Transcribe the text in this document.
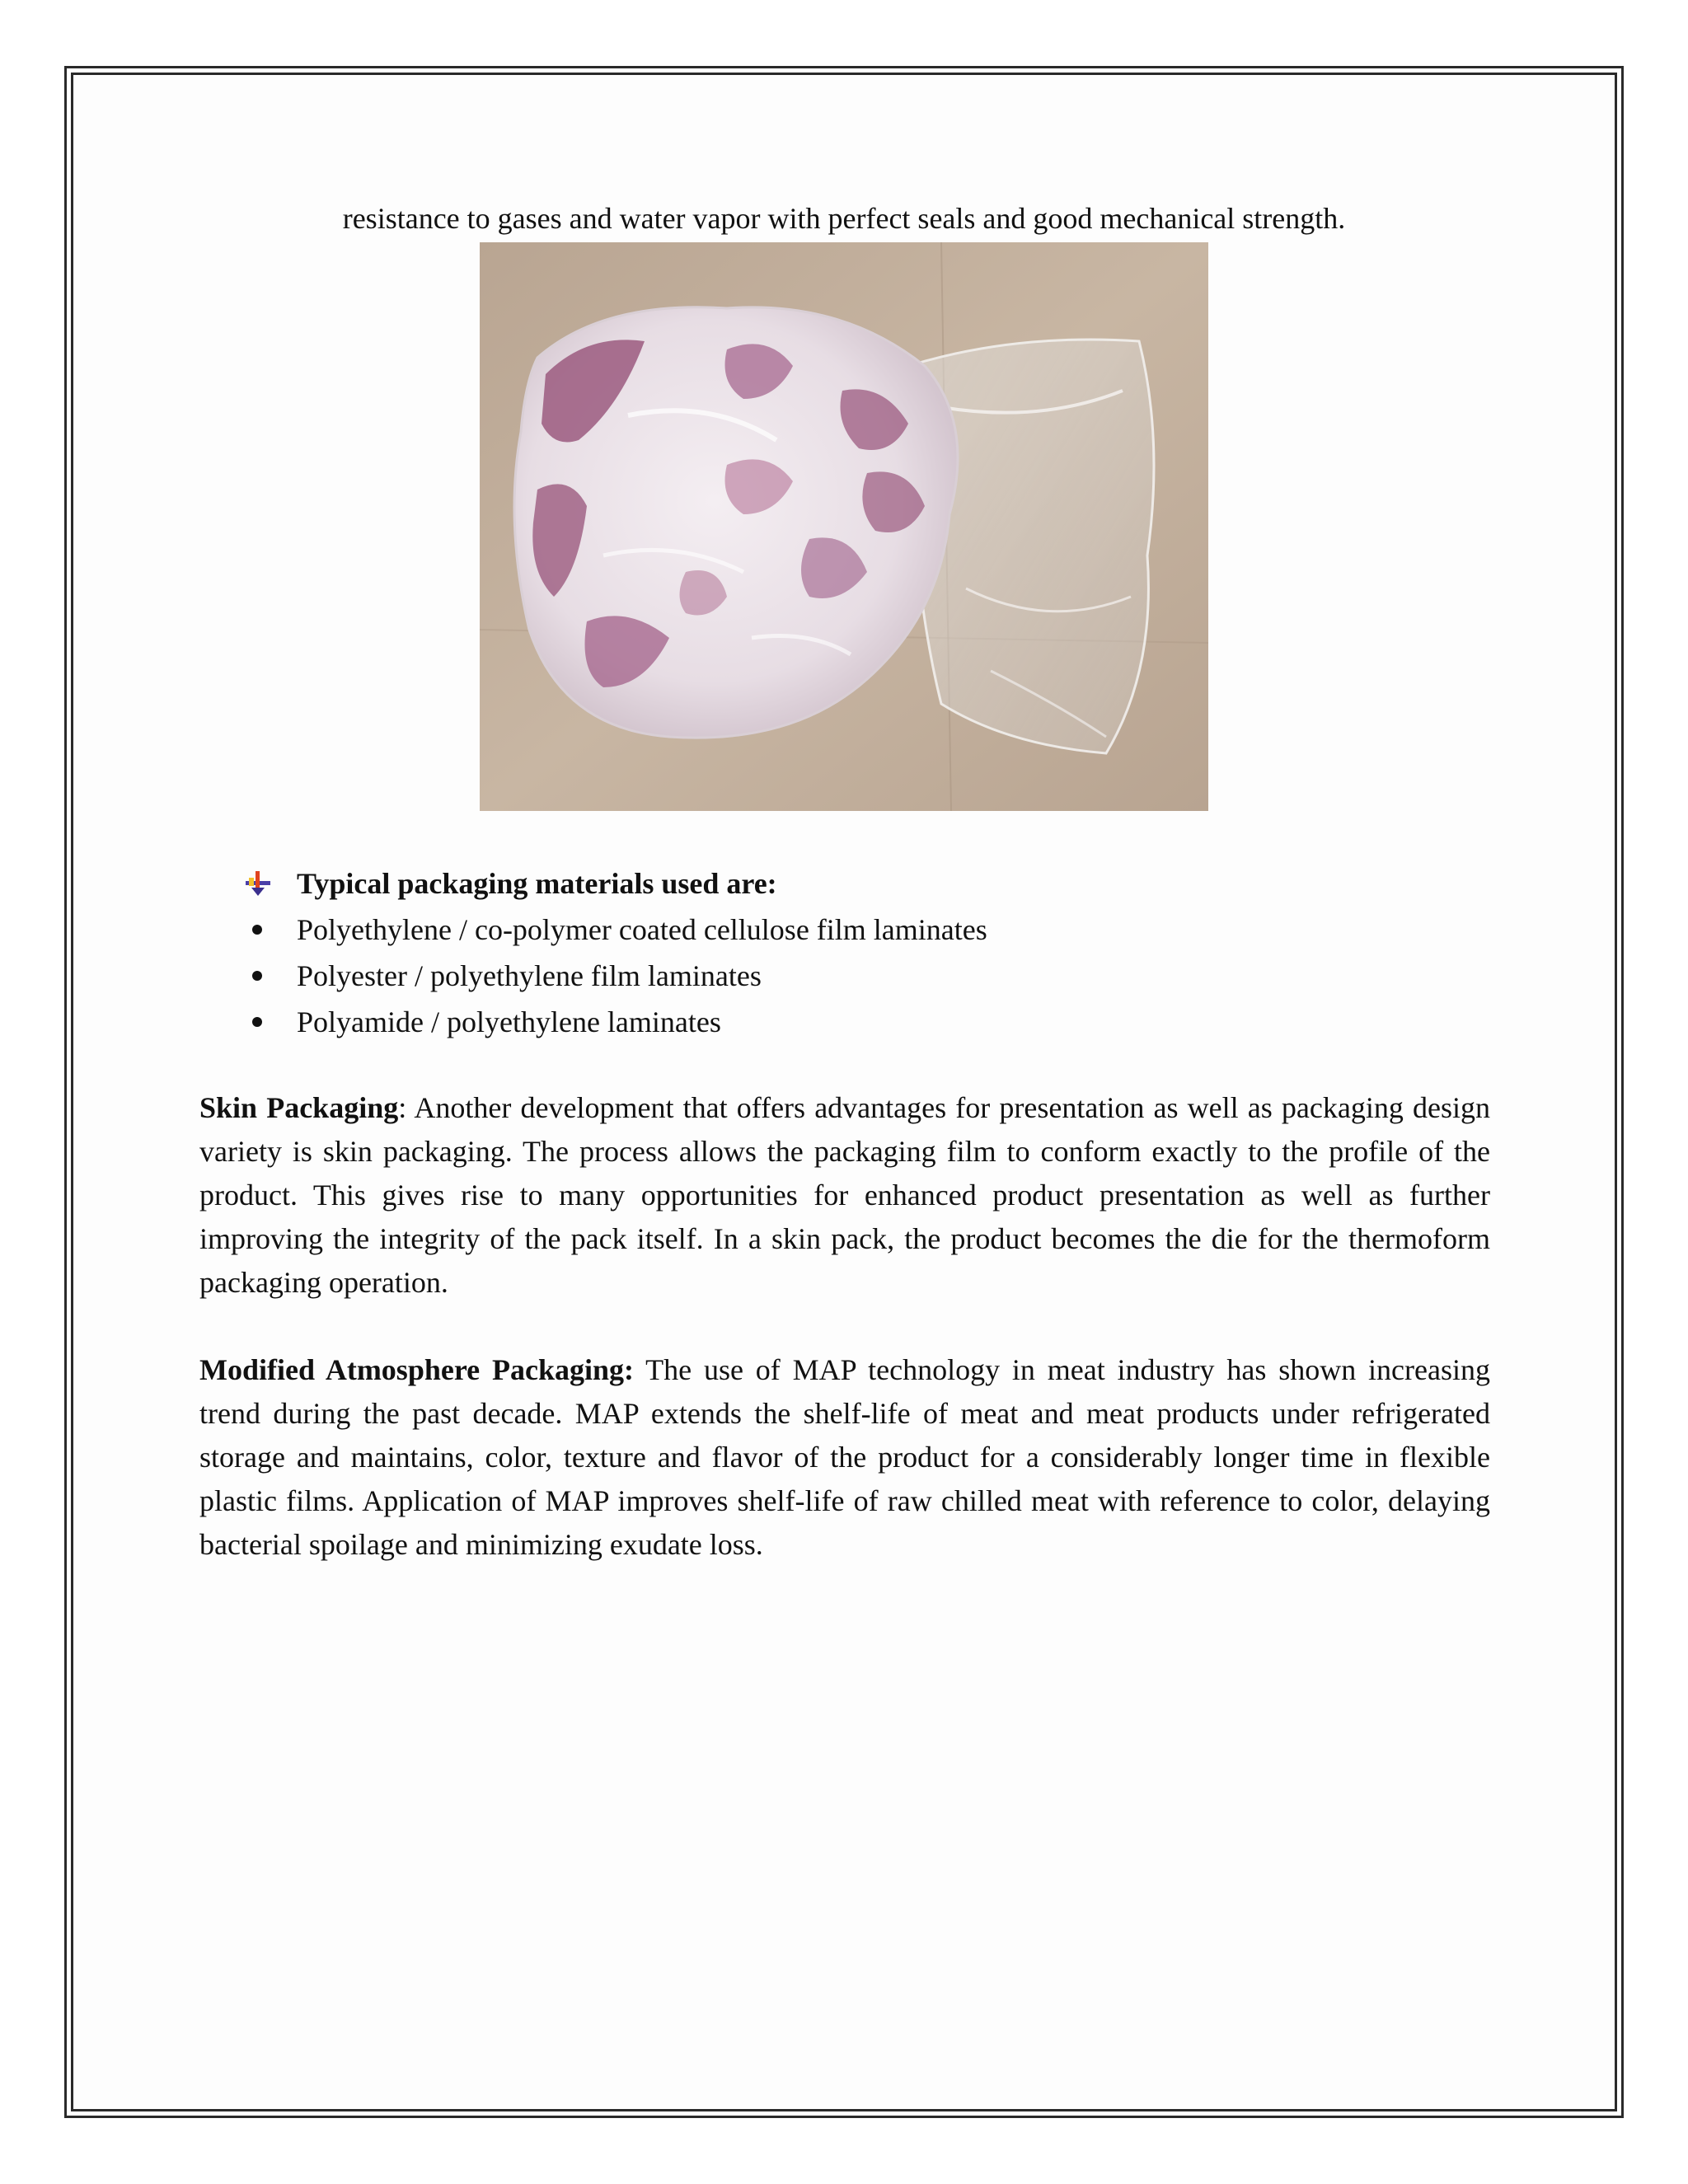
resistance to gases and water vapor with perfect seals and good mechanical strength.
Typical packaging materials used are:
Polyethylene / co-polymer coated cellulose film laminates
Polyester / polyethylene film laminates
Polyamide / polyethylene laminates

Skin Packaging: Another development that offers advantages for presentation as well as packaging design variety is skin packaging. The process allows the packaging film to conform exactly to the profile of the product. This gives rise to many opportunities for enhanced product presentation as well as further improving the integrity of the pack itself. In a skin pack, the product becomes the die for the thermoform packaging operation.

Modified Atmosphere Packaging: The use of MAP technology in meat industry has shown increasing trend during the past decade. MAP extends the shelf-life of meat and meat products under refrigerated storage and maintains, color, texture and flavor of the product for a considerably longer time in flexible plastic films. Application of MAP improves shelf-life of raw chilled meat with reference to color, delaying bacterial spoilage and minimizing exudate loss.
